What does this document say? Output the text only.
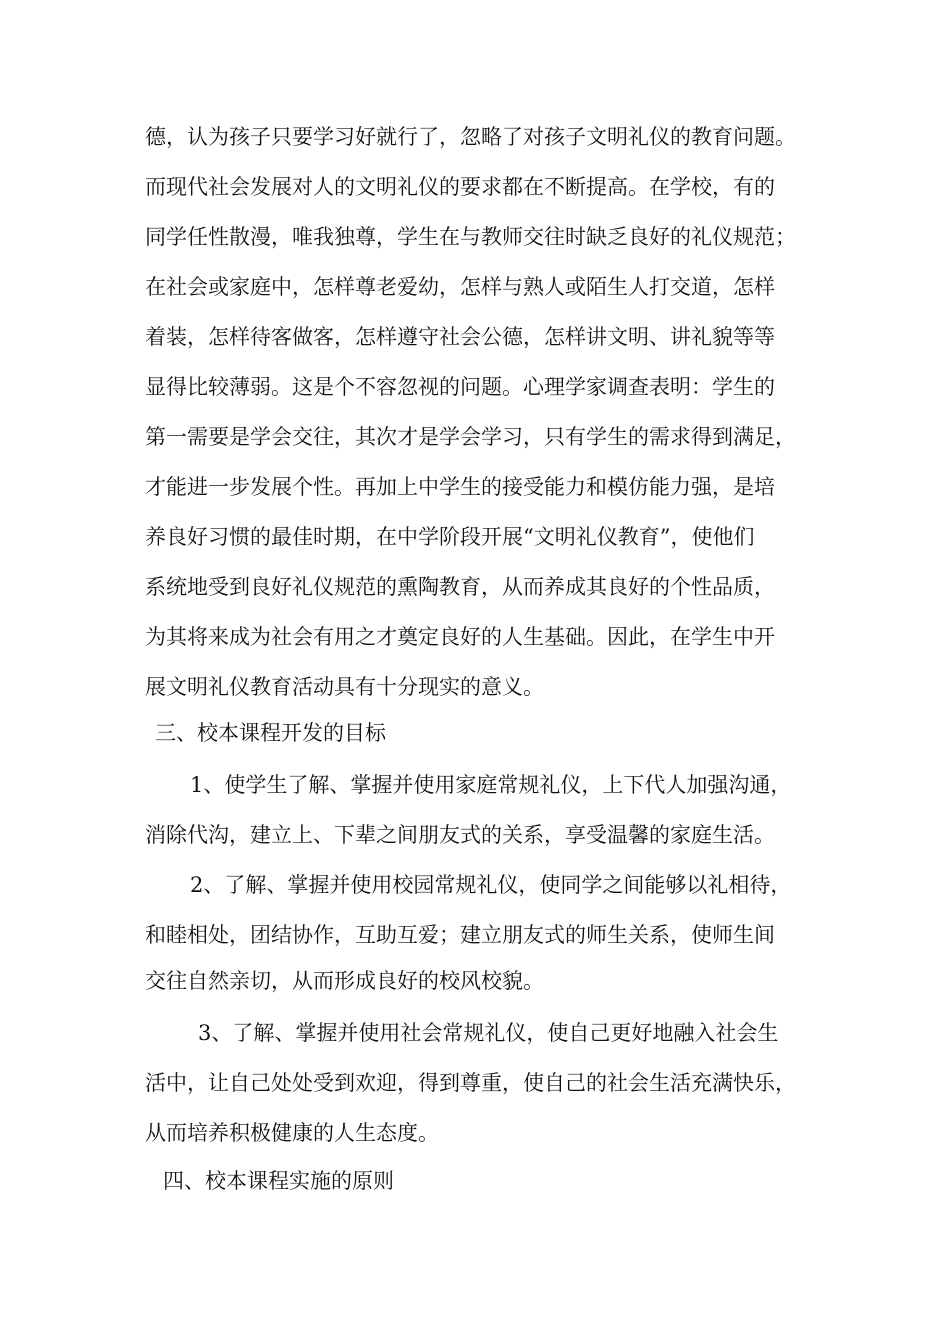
德，认为孩子只要学习好就行了，忽略了对孩子文明礼仪的教育问题。
而现代社会发展对人的文明礼仪的要求都在不断提高。在学校，有的
同学任性散漫，唯我独尊，学生在与教师交往时缺乏良好的礼仪规范；
在社会或家庭中，怎样尊老爱幼，怎样与熟人或陌生人打交道，怎样
着装，怎样待客做客，怎样遵守社会公德，怎样讲文明、讲礼貌等等
显得比较薄弱。这是个不容忽视的问题。心理学家调查表明：学生的
第一需要是学会交往，其次才是学会学习，只有学生的需求得到满足，
才能进一步发展个性。再加上中学生的接受能力和模仿能力强，是培
养良好习惯的最佳时期，在中学阶段开展“文明礼仪教育”，使他们
系统地受到良好礼仪规范的熏陶教育，从而养成其良好的个性品质，
为其将来成为社会有用之才奠定良好的人生基础。因此，在学生中开
展文明礼仪教育活动具有十分现实的意义。
三、校本课程开发的目标
1、使学生了解、掌握并使用家庭常规礼仪，上下代人加强沟通，
消除代沟，建立上、下辈之间朋友式的关系，享受温馨的家庭生活。
2、了解、掌握并使用校园常规礼仪，使同学之间能够以礼相待，
和睦相处，团结协作，互助互爱；建立朋友式的师生关系，使师生间
交往自然亲切，从而形成良好的校风校貌。
3、了解、掌握并使用社会常规礼仪，使自己更好地融入社会生
活中，让自己处处受到欢迎，得到尊重，使自己的社会生活充满快乐，
从而培养积极健康的人生态度。
四、校本课程实施的原则
